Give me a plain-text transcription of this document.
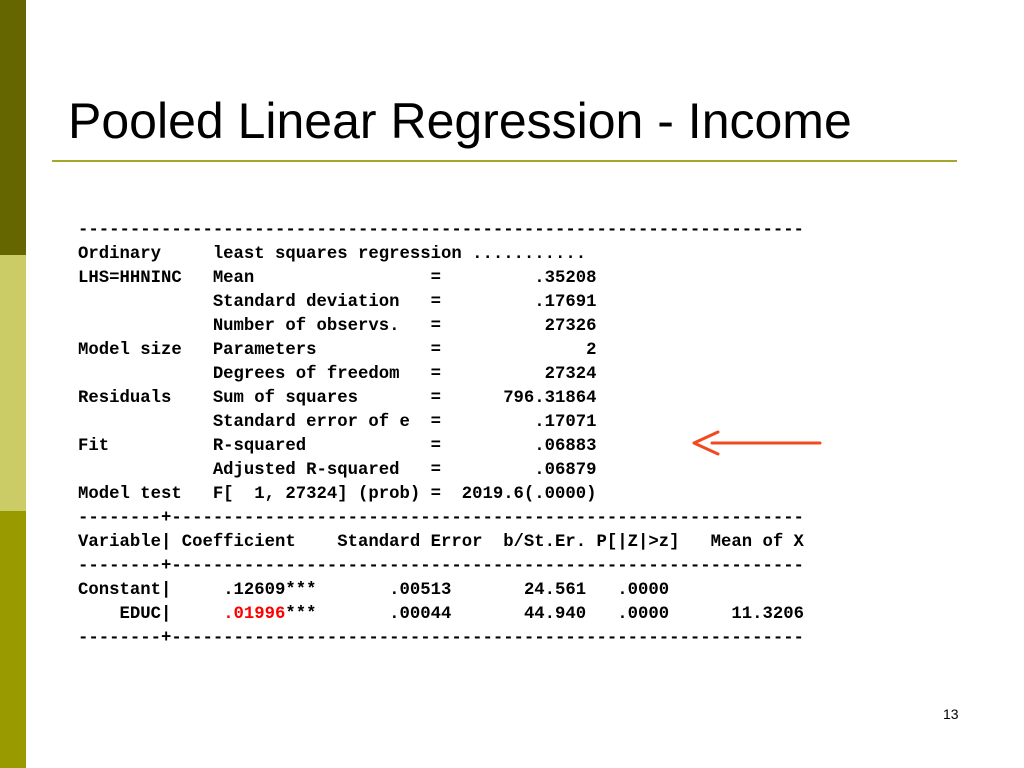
Pooled Linear Regression - Income
----------------------------------------------------------------------
Ordinary     least squares regression ...........
LHS=HHNINC   Mean                 =         .35208
Standard deviation   =         .17691
Number of observs.   =          27326
Model size   Parameters           =              2
Degrees of freedom   =          27324
Residuals    Sum of squares       =      796.31864
Standard error of e  =         .17071
Fit          R-squared            =         .06883
Adjusted R-squared   =         .06879
Model test   F[  1, 27324] (prob) =  2019.6(.0000)
--------+-------------------------------------------------------------
Variable| Coefficient    Standard Error  b/St.Er. P[|Z|>z]   Mean of X
--------+-------------------------------------------------------------
Constant|     .12609***       .00513       24.561   .0000
EDUC|     .01996***       .00044       44.940   .0000      11.3206
--------+-------------------------------------------------------------

13
